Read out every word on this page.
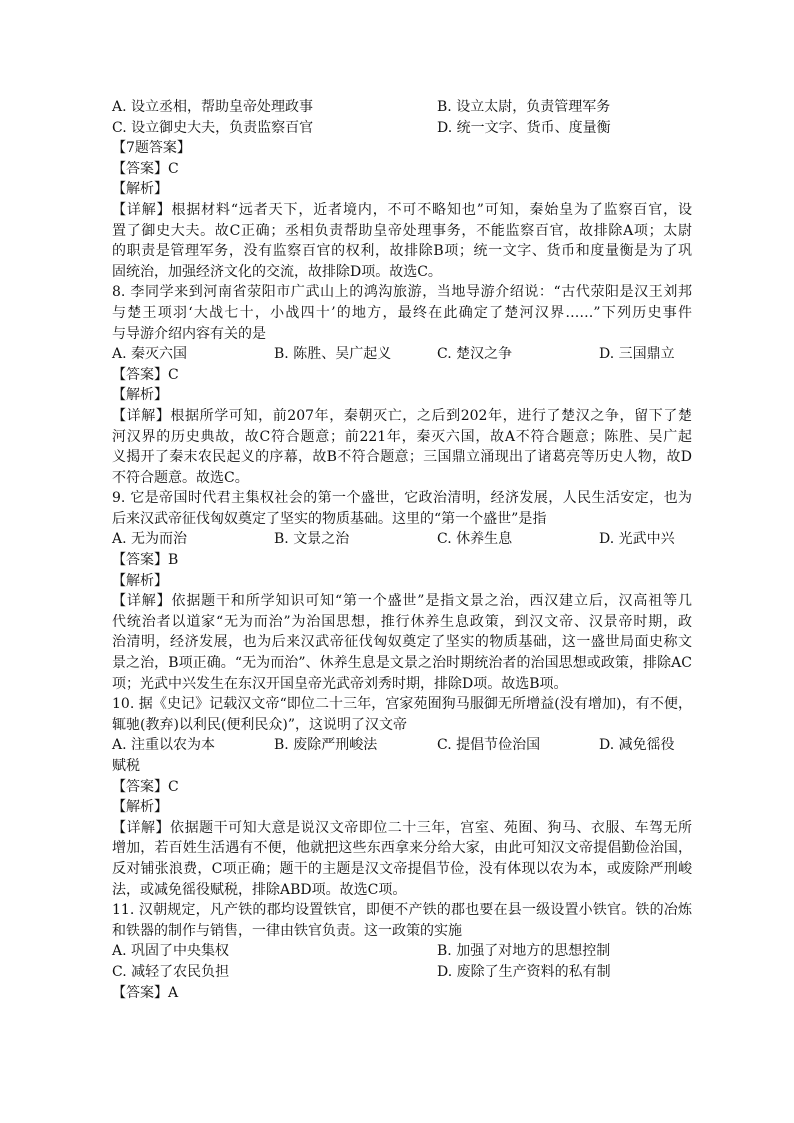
A. 设立丞相，帮助皇帝处理政事	B. 设立太尉，负责管理军务
C. 设立御史大夫，负责监察百官	D. 统一文字、货币、度量衡
【7题答案】
【答案】C
【解析】
【详解】根据材料“远者天下，近者境内，不可不略知也”可知，秦始皇为了监察百官，设
置了御史大夫。故C正确；丞相负责帮助皇帝处理事务，不能监察百官，故排除A项；太尉
的职责是管理军务，没有监察百官的权利，故排除B项；统一文字、货币和度量衡是为了巩
固统治，加强经济文化的交流，故排除D项。故选C。
8. 李同学来到河南省荥阳市广武山上的鸿沟旅游，当地导游介绍说：“古代荥阳是汉王刘邦
与楚王项羽‘大战七十，小战四十’的地方，最终在此确定了楚河汉界……”下列历史事件
与导游介绍内容有关的是
A. 秦灭六国	B. 陈胜、吴广起义	C. 楚汉之争	D. 三国鼎立
【答案】C
【解析】
【详解】根据所学可知，前207年，秦朝灭亡，之后到202年，进行了楚汉之争，留下了楚
河汉界的历史典故，故C符合题意；前221年，秦灭六国，故A不符合题意；陈胜、吴广起
义揭开了秦末农民起义的序幕，故B不符合题意；三国鼎立涌现出了诸葛亮等历史人物，故D
不符合题意。故选C。
9. 它是帝国时代君主集权社会的第一个盛世，它政治清明，经济发展，人民生活安定，也为
后来汉武帝征伐匈奴奠定了坚实的物质基础。这里的“第一个盛世”是指
A. 无为而治	B. 文景之治	C. 休养生息	D. 光武中兴
【答案】B
【解析】
【详解】依据题干和所学知识可知“第一个盛世”是指文景之治，西汉建立后，汉高祖等几
代统治者以道家“无为而治”为治国思想，推行休养生息政策，到汉文帝、汉景帝时期，政
治清明，经济发展，也为后来汉武帝征伐匈奴奠定了坚实的物质基础，这一盛世局面史称文
景之治，B项正确。“无为而治”、休养生息是文景之治时期统治者的治国思想或政策，排除AC
项；光武中兴发生在东汉开国皇帝光武帝刘秀时期，排除D项。故选B项。
10. 据《史记》记载汉文帝“即位二十三年，宫家苑囿狗马服御无所增益(没有增加)，有不便，
辄驰(教弃)以利民(便利民众)”，这说明了汉文帝
A. 注重以农为本	B. 废除严刑峻法	C. 提倡节俭治国	D. 减免徭役
赋税
【答案】C
【解析】
【详解】依据题干可知大意是说汉文帝即位二十三年，宫室、苑囿、狗马、衣服、车驾无所
增加，若百姓生活遇有不便，他就把这些东西拿来分给大家，由此可知汉文帝提倡勤俭治国，
反对铺张浪费，C项正确；题干的主题是汉文帝提倡节俭，没有体现以农为本，或废除严刑峻
法，或减免徭役赋税，排除ABD项。故选C项。
11. 汉朝规定，凡产铁的郡均设置铁官，即便不产铁的郡也要在县一级设置小铁官。铁的冶炼
和铁器的制作与销售，一律由铁官负责。这一政策的实施
A. 巩固了中央集权	B. 加强了对地方的思想控制
C. 减轻了农民负担	D. 废除了生产资料的私有制
【答案】A
